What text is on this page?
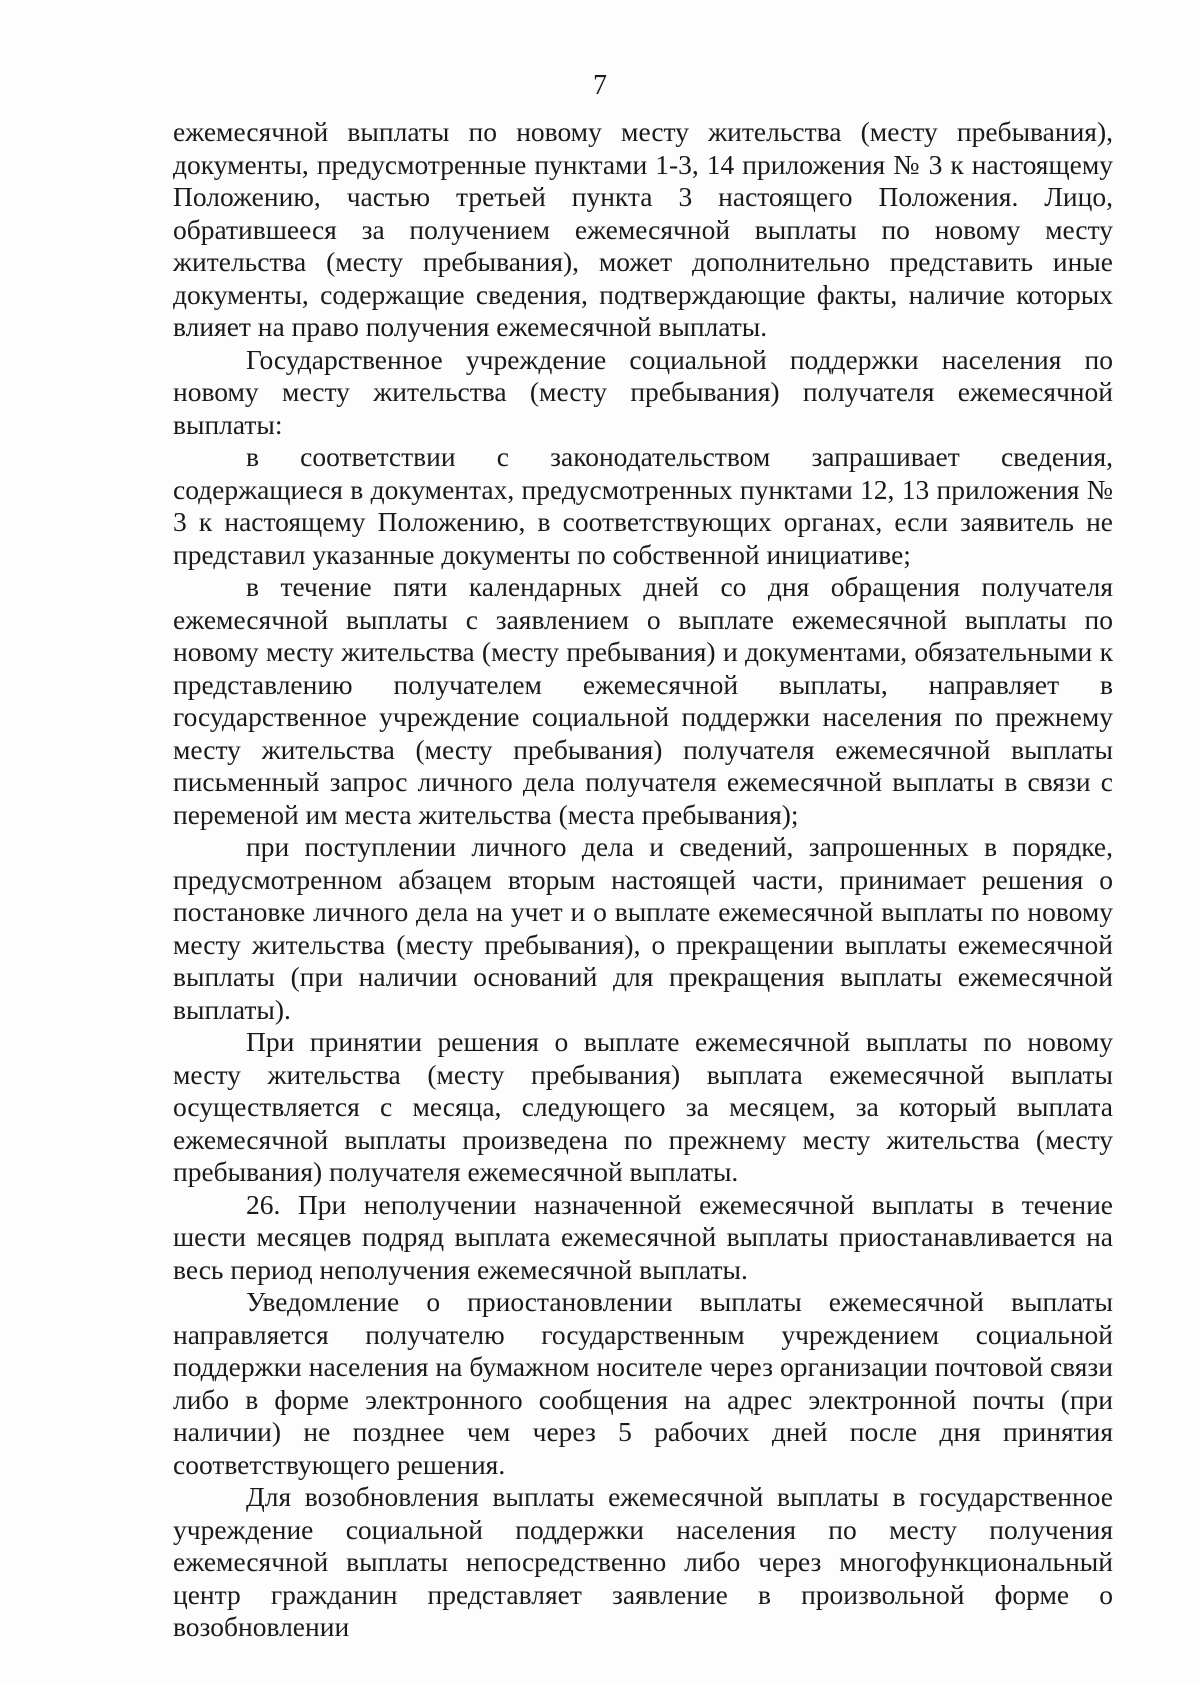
7

ежемесячной выплаты по новому месту жительства (месту пребывания), документы, предусмотренные пунктами 1-3, 14 приложения № 3 к настоящему Положению, частью третьей пункта 3 настоящего Положения. Лицо, обратившееся за получением ежемесячной выплаты по новому месту жительства (месту пребывания), может дополнительно представить иные документы, содержащие сведения, подтверждающие факты, наличие которых влияет на право получения ежемесячной выплаты.

Государственное учреждение социальной поддержки населения по новому месту жительства (месту пребывания) получателя ежемесячной выплаты:

в соответствии с законодательством запрашивает сведения, содержащиеся в документах, предусмотренных пунктами 12, 13 приложения № 3 к настоящему Положению, в соответствующих органах, если заявитель не представил указанные документы по собственной инициативе;

в течение пяти календарных дней со дня обращения получателя ежемесячной выплаты с заявлением о выплате ежемесячной выплаты по новому месту жительства (месту пребывания) и документами, обязательными к представлению получателем ежемесячной выплаты, направляет в государственное учреждение социальной поддержки населения по прежнему месту жительства (месту пребывания) получателя ежемесячной выплаты письменный запрос личного дела получателя ежемесячной выплаты в связи с переменой им места жительства (места пребывания);

при поступлении личного дела и сведений, запрошенных в порядке, предусмотренном абзацем вторым настоящей части, принимает решения о постановке личного дела на учет и о выплате ежемесячной выплаты по новому месту жительства (месту пребывания), о прекращении выплаты ежемесячной выплаты (при наличии оснований для прекращения выплаты ежемесячной выплаты).

При принятии решения о выплате ежемесячной выплаты по новому месту жительства (месту пребывания) выплата ежемесячной выплаты осуществляется с месяца, следующего за месяцем, за который выплата ежемесячной выплаты произведена по прежнему месту жительства (месту пребывания) получателя ежемесячной выплаты.

26. При неполучении назначенной ежемесячной выплаты в течение шести месяцев подряд выплата ежемесячной выплаты приостанавливается на весь период неполучения ежемесячной выплаты.

Уведомление о приостановлении выплаты ежемесячной выплаты направляется получателю государственным учреждением социальной поддержки населения на бумажном носителе через организации почтовой связи либо в форме электронного сообщения на адрес электронной почты (при наличии) не позднее чем через 5 рабочих дней после дня принятия соответствующего решения.

Для возобновления выплаты ежемесячной выплаты в государственное учреждение социальной поддержки населения по месту получения ежемесячной выплаты непосредственно либо через многофункциональный центр гражданин представляет заявление в произвольной форме о возобновлении
